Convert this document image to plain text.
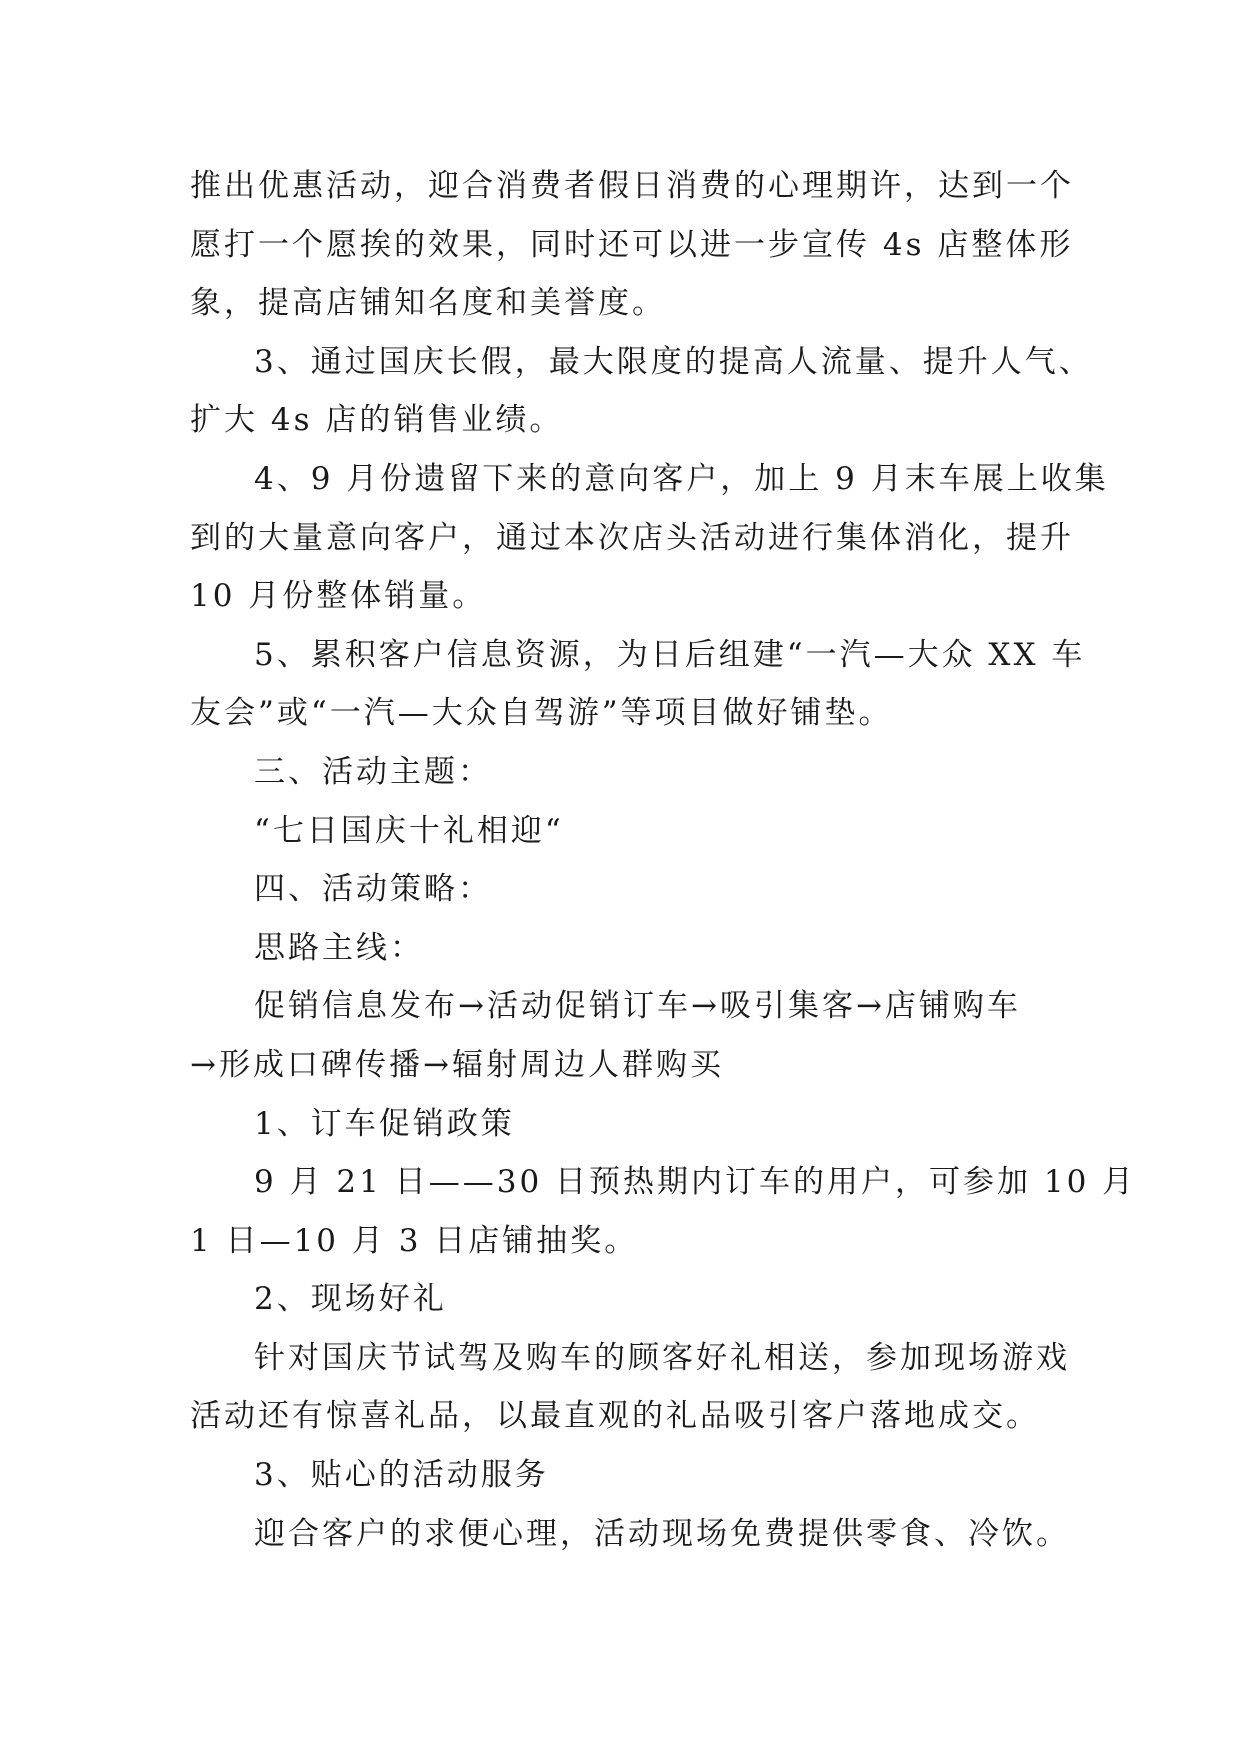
推出优惠活动，迎合消费者假日消费的心理期许，达到一个
愿打一个愿挨的效果，同时还可以进一步宣传 4s 店整体形
象，提高店铺知名度和美誉度。
3、通过国庆长假，最大限度的提高人流量、提升人气、
扩大 4s 店的销售业绩。
4、9 月份遗留下来的意向客户，加上 9 月末车展上收集
到的大量意向客户，通过本次店头活动进行集体消化，提升
10 月份整体销量。
5、累积客户信息资源，为日后组建“一汽—大众 XX 车
友会”或“一汽—大众自驾游”等项目做好铺垫。
三、活动主题：
“七日国庆十礼相迎“
四、活动策略：
思路主线：
促销信息发布→活动促销订车→吸引集客→店铺购车
→形成口碑传播→辐射周边人群购买
1、订车促销政策
9 月 21 日——30 日预热期内订车的用户，可参加 10 月
1 日—10 月 3 日店铺抽奖。
2、现场好礼
针对国庆节试驾及购车的顾客好礼相送，参加现场游戏
活动还有惊喜礼品，以最直观的礼品吸引客户落地成交。
3、贴心的活动服务
迎合客户的求便心理，活动现场免费提供零食、冷饮。
